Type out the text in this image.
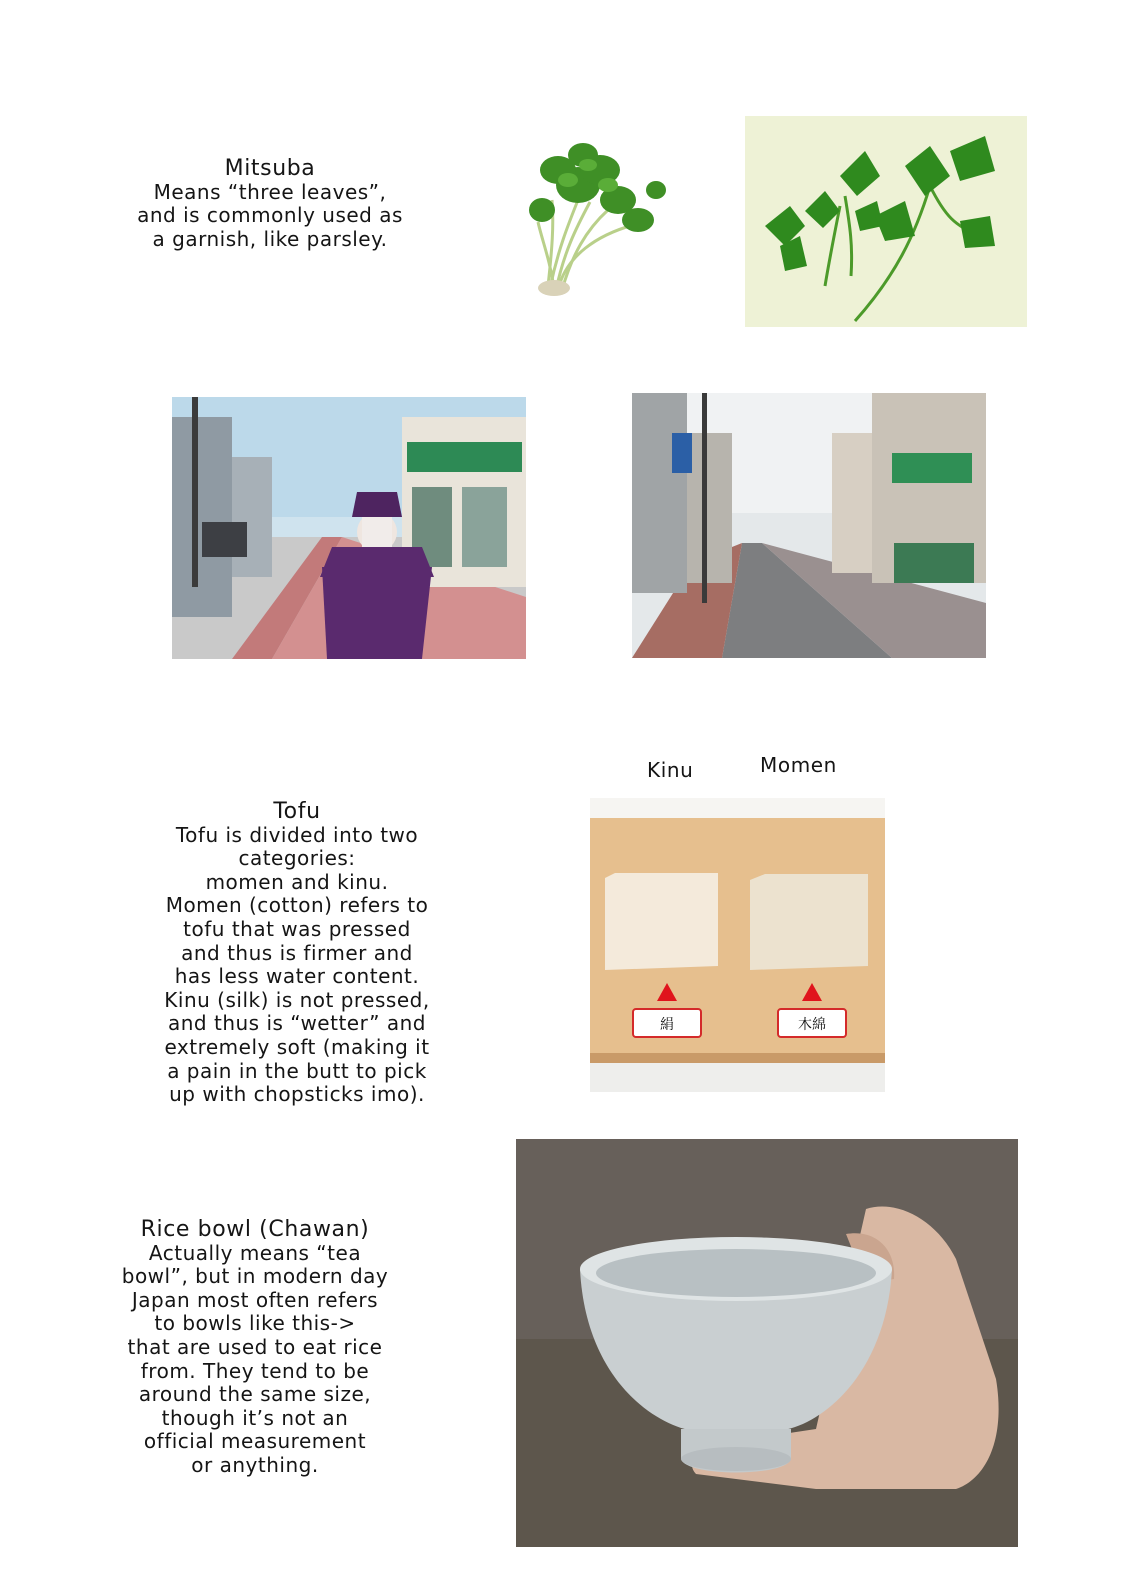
Mitsuba
Means “three leaves”,
and is commonly used as
a garnish, like parsley.
Tofu
Tofu is divided into two
categories:
momen and kinu.
Momen (cotton) refers to
tofu that was pressed
and thus is firmer and
has less water content.
Kinu (silk) is not pressed,
and thus is “wetter” and
extremely soft (making it
a pain in the butt to pick
up with chopsticks imo).
Kinu	Momen
絹	木綿
Rice bowl (Chawan)
Actually means “tea
bowl”, but in modern day
Japan most often refers
to bowls like this->
that are used to eat rice
from. They tend to be
around the same size,
though it’s not an
official measurement
or anything.
